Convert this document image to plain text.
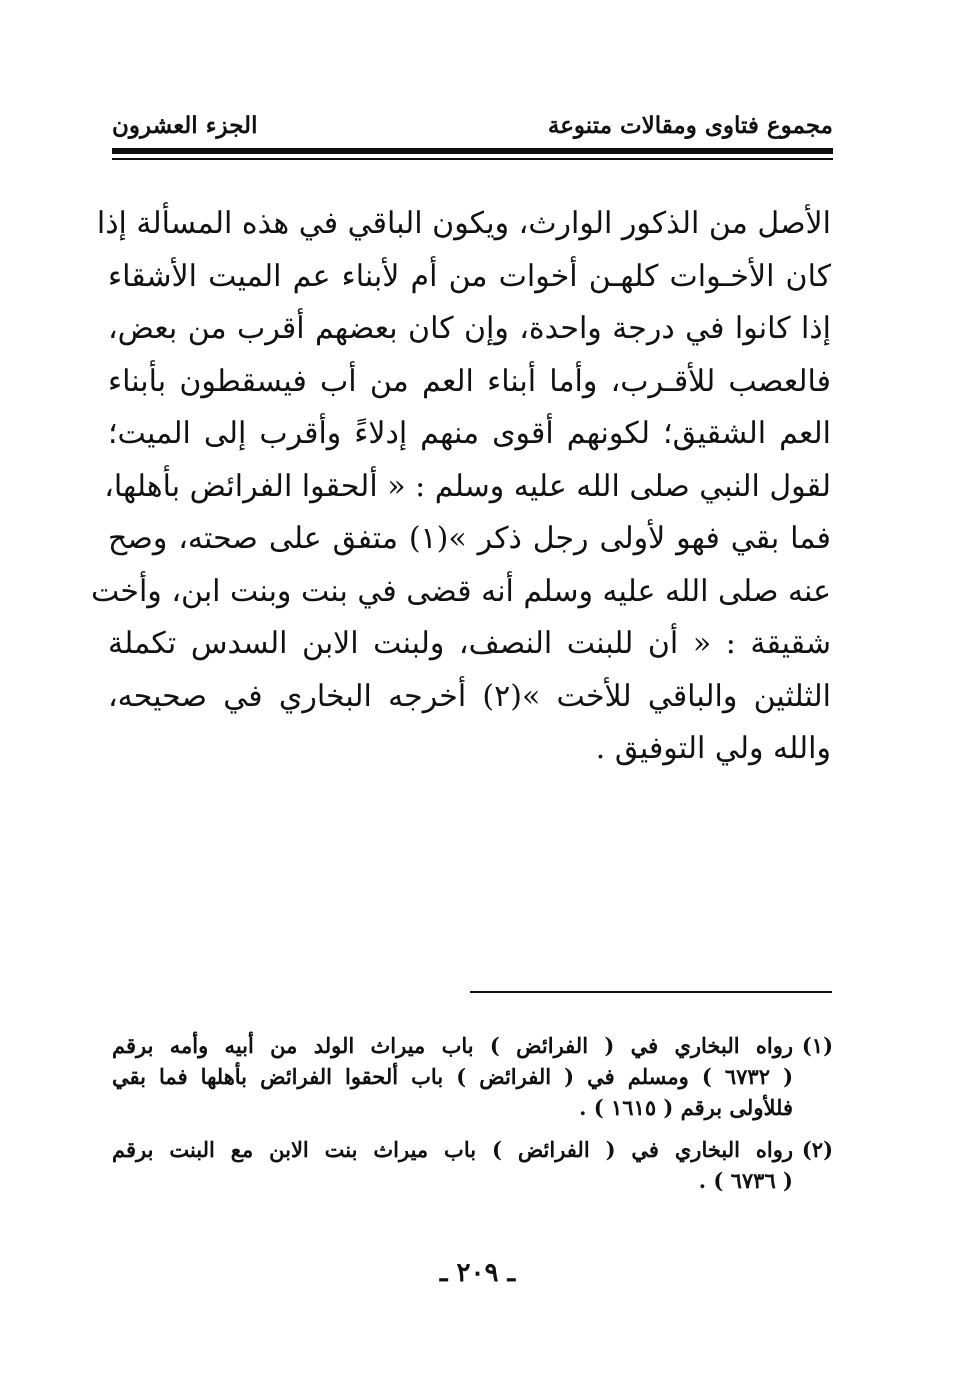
مجموع فتاوى ومقالات متنوعة
الجزء العشرون
الأصل من الذكور الوارث، ويكون الباقي في هذه المسألة إذا
كان الأخـوات كلهـن أخوات من أم لأبناء عم الميت الأشقاء
إذا كانوا في درجة واحدة، وإن كان بعضهم أقرب من بعض،
فالعصب للأقـرب، وأما أبناء العم من أب فيسقطون بأبناء
العم الشقيق؛ لكونهم أقوى منهم إدلاءً وأقرب إلى الميت؛
لقول النبي صلى الله عليه وسلم : « ألحقوا الفرائض بأهلها،
فما بقي فهو لأولى رجل ذكر »(١) متفق على صحته، وصح
عنه صلى الله عليه وسلم أنه قضى في بنت وبنت ابن، وأخت
شقيقة : « أن للبنت النصف، ولبنت الابن السدس تكملة
الثلثين والباقي للأخت »(٢) أخرجه البخاري في صحيحه،
والله ولي التوفيق .
(١)
رواه البخاري في ( الفرائض ) باب ميراث الولد من أبيه وأمه برقم
( ٦٧٣٢ ) ومسلم في ( الفرائض ) باب ألحقوا الفرائض بأهلها فما بقي
فللأولى برقم ( ١٦١٥ ) .
(٢)
رواه البخاري في ( الفرائض ) باب ميراث بنت الابن مع البنت برقم
( ٦٧٣٦ ) .
ـ ٢٠٩ ـ
